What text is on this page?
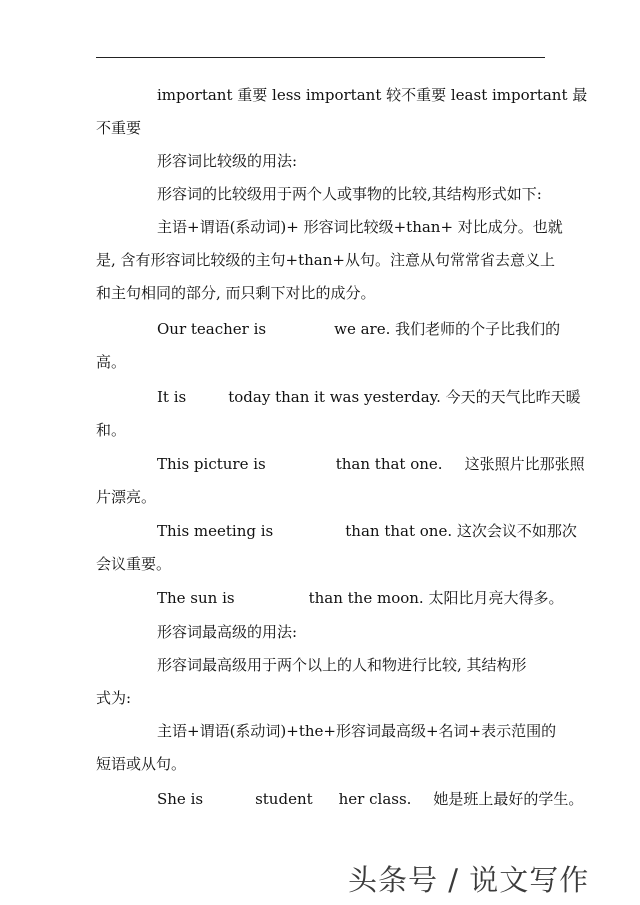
important 重要 less important 较不重要 least important 最
不重要
形容词比较级的用法:
形容词的比较级用于两个人或事物的比较,其结构形式如下:
主语+谓语(系动词)+ 形容词比较级+than+ 对比成分。也就
是, 含有形容词比较级的主句+than+从句。注意从句常常省去意义上
和主句相同的部分, 而只剩下对比的成分。
Our teacher is	we are. 我们老师的个子比我们的
高。
It is	today than it was yesterday. 今天的天气比昨天暖
和。
This picture is	than that one. 这张照片比那张照
片漂亮。
This meeting is	than that one. 这次会议不如那次
会议重要。
The sun is	than the moon. 太阳比月亮大得多。
形容词最高级的用法:
形容词最高级用于两个以上的人和物进行比较, 其结构形
式为:
主语+谓语(系动词)+the+形容词最高级+名词+表示范围的
短语或从句。
She is	student her class. 她是班上最好的学生。
头条号 / 说文写作
